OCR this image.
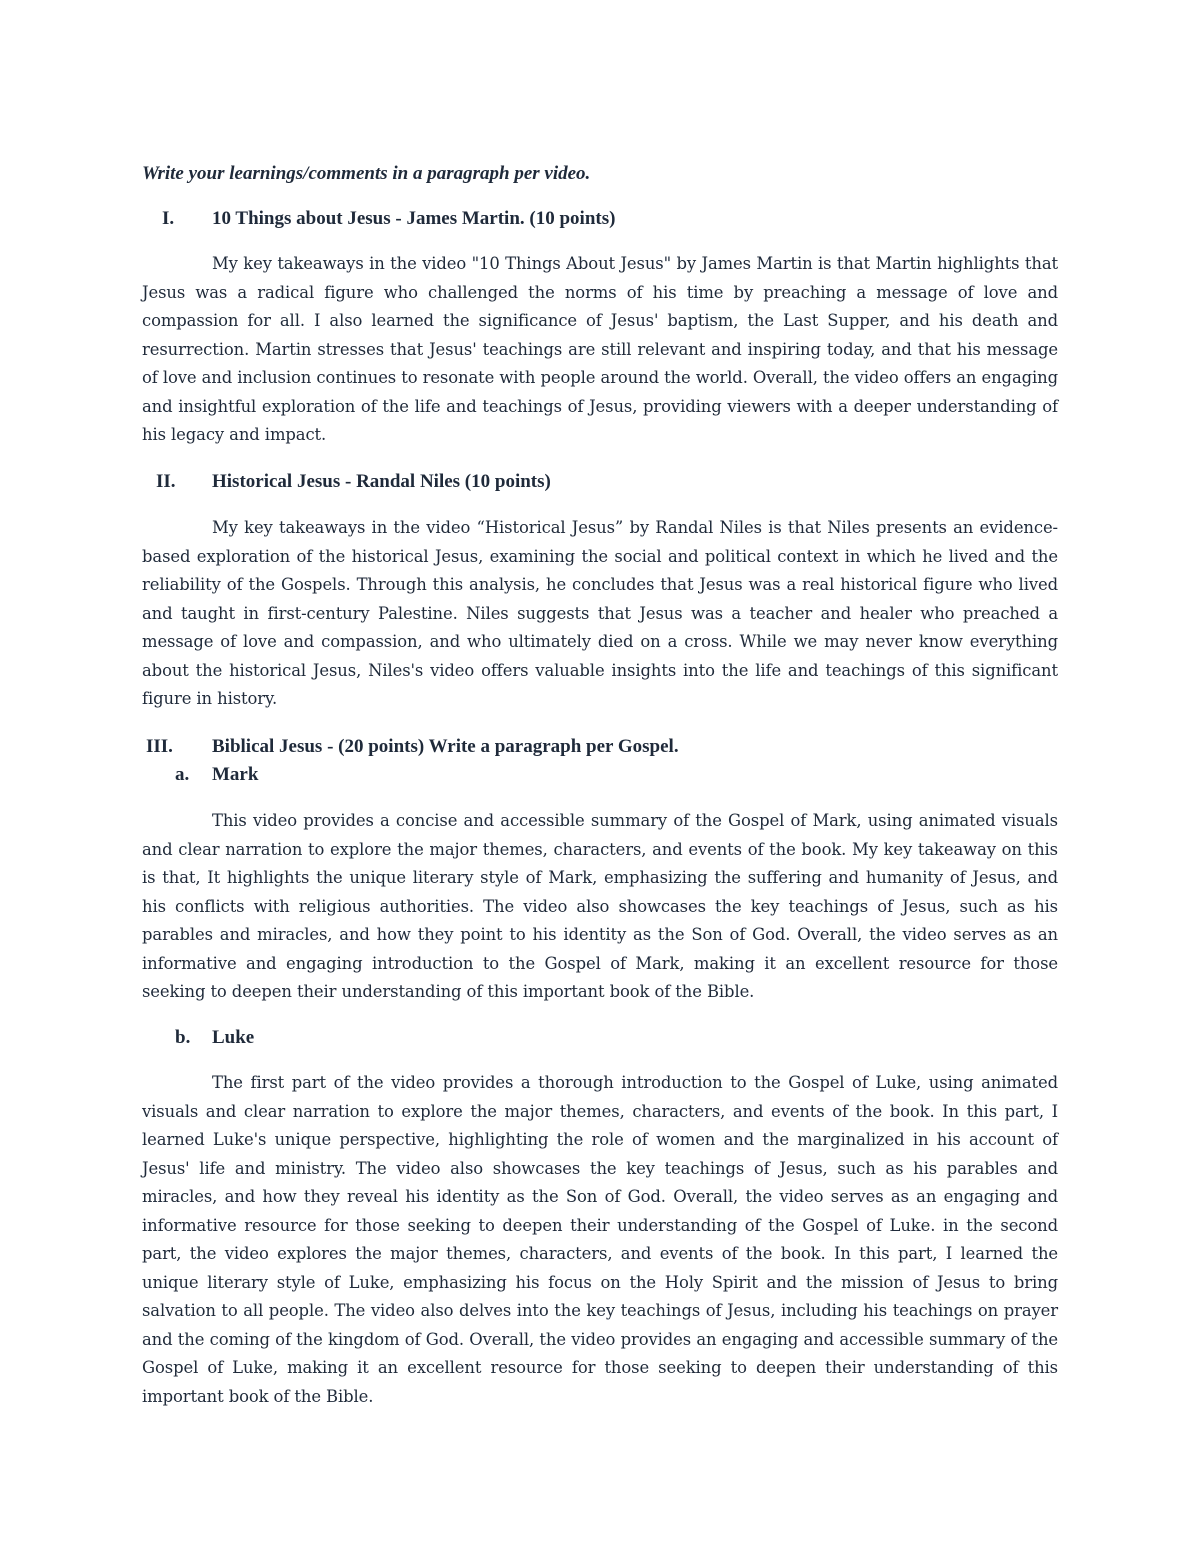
Write your learnings/comments in a paragraph per video.

I. 10 Things about Jesus - James Martin. (10 points)

My key takeaways in the video "10 Things About Jesus" by James Martin is that Martin highlights that Jesus was a radical figure who challenged the norms of his time by preaching a message of love and compassion for all. I also learned the significance of Jesus' baptism, the Last Supper, and his death and resurrection. Martin stresses that Jesus' teachings are still relevant and inspiring today, and that his message of love and inclusion continues to resonate with people around the world. Overall, the video offers an engaging and insightful exploration of the life and teachings of Jesus, providing viewers with a deeper understanding of his legacy and impact.

II. Historical Jesus - Randal Niles (10 points)

My key takeaways in the video “Historical Jesus” by Randal Niles is that Niles presents an evidence-based exploration of the historical Jesus, examining the social and political context in which he lived and the reliability of the Gospels. Through this analysis, he concludes that Jesus was a real historical figure who lived and taught in first-century Palestine. Niles suggests that Jesus was a teacher and healer who preached a message of love and compassion, and who ultimately died on a cross. While we may never know everything about the historical Jesus, Niles's video offers valuable insights into the life and teachings of this significant figure in history.

III. Biblical Jesus - (20 points) Write a paragraph per Gospel.
a. Mark

This video provides a concise and accessible summary of the Gospel of Mark, using animated visuals and clear narration to explore the major themes, characters, and events of the book. My key takeaway on this is that, It highlights the unique literary style of Mark, emphasizing the suffering and humanity of Jesus, and his conflicts with religious authorities. The video also showcases the key teachings of Jesus, such as his parables and miracles, and how they point to his identity as the Son of God. Overall, the video serves as an informative and engaging introduction to the Gospel of Mark, making it an excellent resource for those seeking to deepen their understanding of this important book of the Bible.

b. Luke

The first part of the video provides a thorough introduction to the Gospel of Luke, using animated visuals and clear narration to explore the major themes, characters, and events of the book. In this part, I learned Luke's unique perspective, highlighting the role of women and the marginalized in his account of Jesus' life and ministry. The video also showcases the key teachings of Jesus, such as his parables and miracles, and how they reveal his identity as the Son of God. Overall, the video serves as an engaging and informative resource for those seeking to deepen their understanding of the Gospel of Luke. in the second part, the video explores the major themes, characters, and events of the book. In this part, I learned the unique literary style of Luke, emphasizing his focus on the Holy Spirit and the mission of Jesus to bring salvation to all people. The video also delves into the key teachings of Jesus, including his teachings on prayer and the coming of the kingdom of God. Overall, the video provides an engaging and accessible summary of the Gospel of Luke, making it an excellent resource for those seeking to deepen their understanding of this important book of the Bible.
